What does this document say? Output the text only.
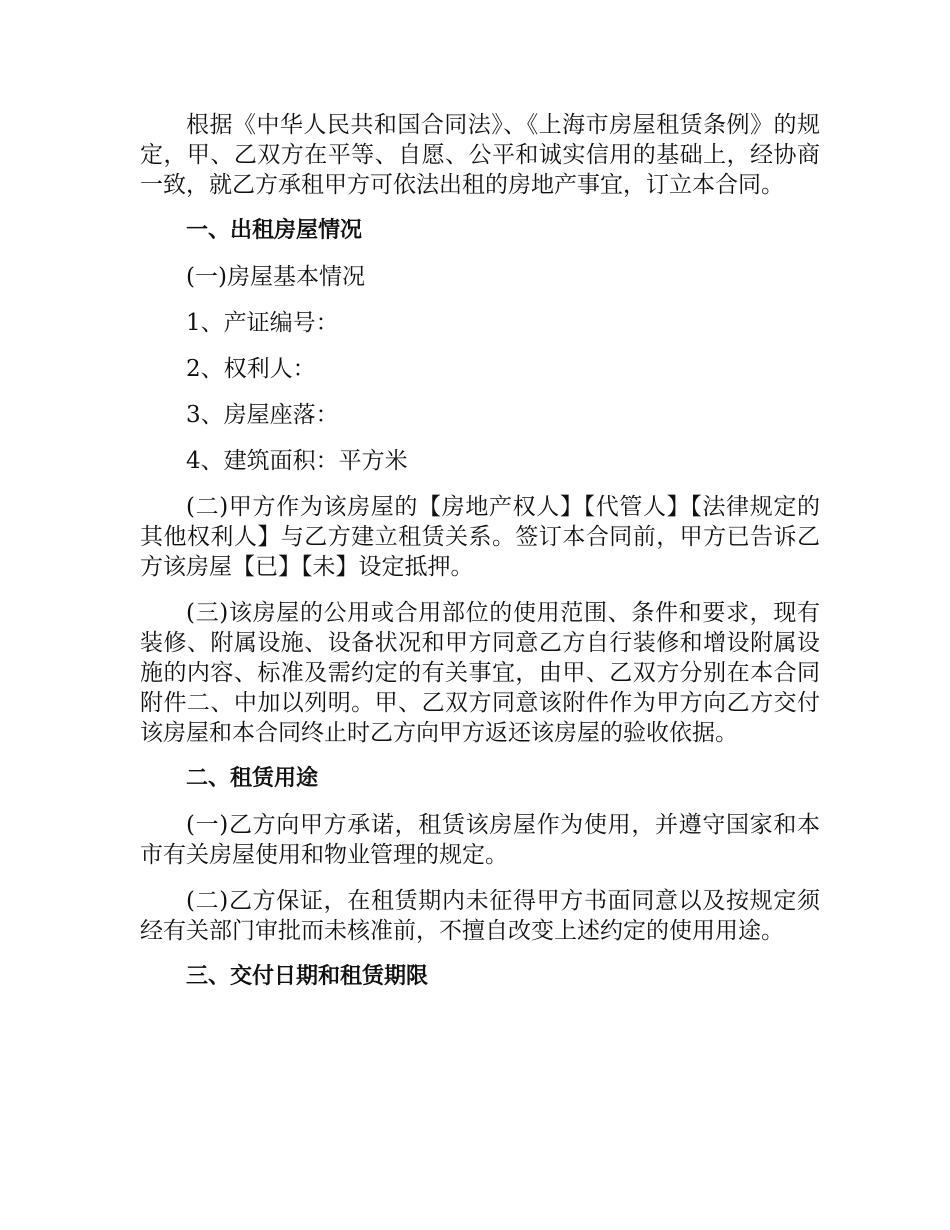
根据《中华人民共和国合同法》、《上海市房屋租赁条例》的规定，甲、乙双方在平等、自愿、公平和诚实信用的基础上，经协商一致，就乙方承租甲方可依法出租的房地产事宜，订立本合同。

一、出租房屋情况

(一)房屋基本情况

1、产证编号：

2、权利人：

3、房屋座落：

4、建筑面积：平方米

(二)甲方作为该房屋的【房地产权人】【代管人】【法律规定的其他权利人】与乙方建立租赁关系。签订本合同前，甲方已告诉乙方该房屋【已】【未】设定抵押。

(三)该房屋的公用或合用部位的使用范围、条件和要求，现有装修、附属设施、设备状况和甲方同意乙方自行装修和增设附属设施的内容、标准及需约定的有关事宜，由甲、乙双方分别在本合同附件二、中加以列明。甲、乙双方同意该附件作为甲方向乙方交付该房屋和本合同终止时乙方向甲方返还该房屋的验收依据。

二、租赁用途

(一)乙方向甲方承诺，租赁该房屋作为使用，并遵守国家和本市有关房屋使用和物业管理的规定。

(二)乙方保证，在租赁期内未征得甲方书面同意以及按规定须经有关部门审批而未核准前，不擅自改变上述约定的使用用途。

三、交付日期和租赁期限
